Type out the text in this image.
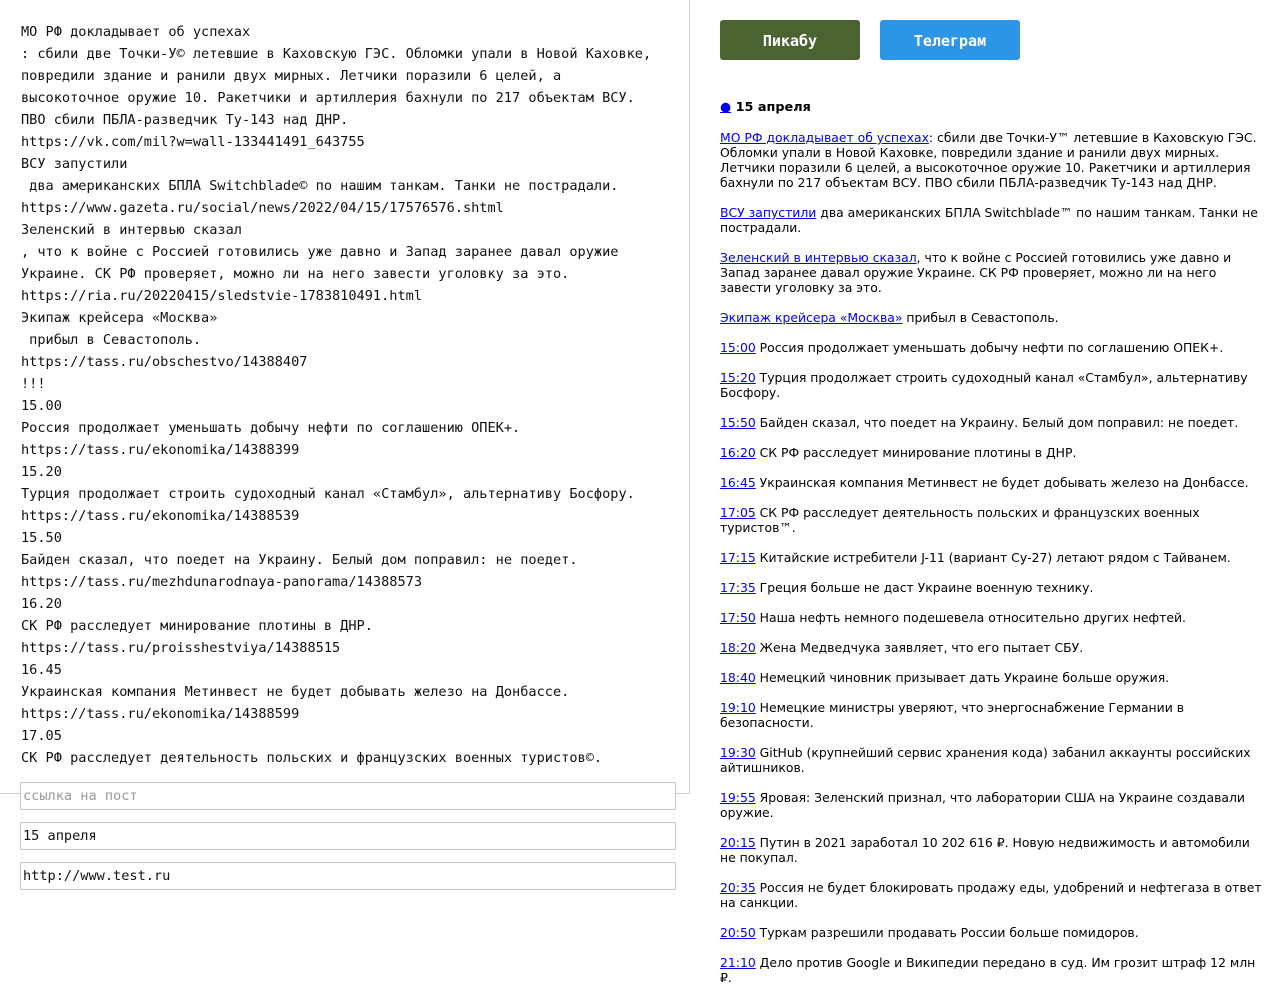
МО РФ докладывает об успехах
: сбили две Точки-У© летевшие в Каховскую ГЭС. Обломки упали в Новой Каховке,
повредили здание и ранили двух мирных. Летчики поразили 6 целей, а
высокоточное оружие 10. Ракетчики и артиллерия бахнули по 217 объектам ВСУ.
ПВО сбили ПБЛА-разведчик Ту-143 над ДНР.
https://vk.com/mil?w=wall-133441491_643755
ВСУ запустили
два американских БПЛА Switchblade© по нашим танкам. Танки не пострадали.
https://www.gazeta.ru/social/news/2022/04/15/17576576.shtml
Зеленский в интервью сказал
, что к войне с Россией готовились уже давно и Запад заранее давал оружие
Украине. СК РФ проверяет, можно ли на него завести уголовку за это.
https://ria.ru/20220415/sledstvie-1783810491.html
Экипаж крейсера «Москва»
прибыл в Севастополь.
https://tass.ru/obschestvo/14388407
!!!
15.00
Россия продолжает уменьшать добычу нефти по соглашению ОПЕК+.
https://tass.ru/ekonomika/14388399
15.20
Турция продолжает строить судоходный канал «Стамбул», альтернативу Босфору.
https://tass.ru/ekonomika/14388539
15.50
Байден сказал, что поедет на Украину. Белый дом поправил: не поедет.
https://tass.ru/mezhdunarodnaya-panorama/14388573
16.20
СК РФ расследует минирование плотины в ДНР.
https://tass.ru/proisshestviya/14388515
16.45
Украинская компания Метинвест не будет добывать железо на Донбассе.
https://tass.ru/ekonomika/14388599
17.05
СК РФ расследует деятельность польских и французских военных туристов©.
ссылка на пост
15 апреля
http://www.test.ru
Пикабу	Телеграм
● 15 апреля
МО РФ докладывает об успехах: сбили две Точки-У™ летевшие в Каховскую ГЭС. Обломки упали в Новой Каховке, повредили здание и ранили двух мирных. Летчики поразили 6 целей, а высокоточное оружие 10. Ракетчики и артиллерия бахнули по 217 объектам ВСУ. ПВО сбили ПБЛА-разведчик Ту-143 над ДНР.
ВСУ запустили два американских БПЛА Switchblade™ по нашим танкам. Танки не пострадали.
Зеленский в интервью сказал, что к войне с Россией готовились уже давно и Запад заранее давал оружие Украине. СК РФ проверяет, можно ли на него завести уголовку за это.
Экипаж крейсера «Москва» прибыл в Севастополь.
15:00 Россия продолжает уменьшать добычу нефти по соглашению ОПЕК+.
15:20 Турция продолжает строить судоходный канал «Стамбул», альтернативу Босфору.
15:50 Байден сказал, что поедет на Украину. Белый дом поправил: не поедет.
16:20 СК РФ расследует минирование плотины в ДНР.
16:45 Украинская компания Метинвест не будет добывать железо на Донбассе.
17:05 СК РФ расследует деятельность польских и французских военных туристов™.
17:15 Китайские истребители J-11 (вариант Су-27) летают рядом с Тайванем.
17:35 Греция больше не даст Украине военную технику.
17:50 Наша нефть немного подешевела относительно других нефтей.
18:20 Жена Медведчука заявляет, что его пытает СБУ.
18:40 Немецкий чиновник призывает дать Украине больше оружия.
19:10 Немецкие министры уверяют, что энергоснабжение Германии в безопасности.
19:30 GitHub (крупнейший сервис хранения кода) забанил аккаунты российских айтишников.
19:55 Яровая: Зеленский признал, что лаборатории США на Украине создавали оружие.
20:15 Путин в 2021 заработал 10 202 616 ₽. Новую недвижимость и автомобили не покупал.
20:35 Россия не будет блокировать продажу еды, удобрений и нефтегаза в ответ на санкции.
20:50 Туркам разрешили продавать России больше помидоров.
21:10 Дело против Google и Википедии передано в суд. Им грозит штраф 12 млн ₽.
